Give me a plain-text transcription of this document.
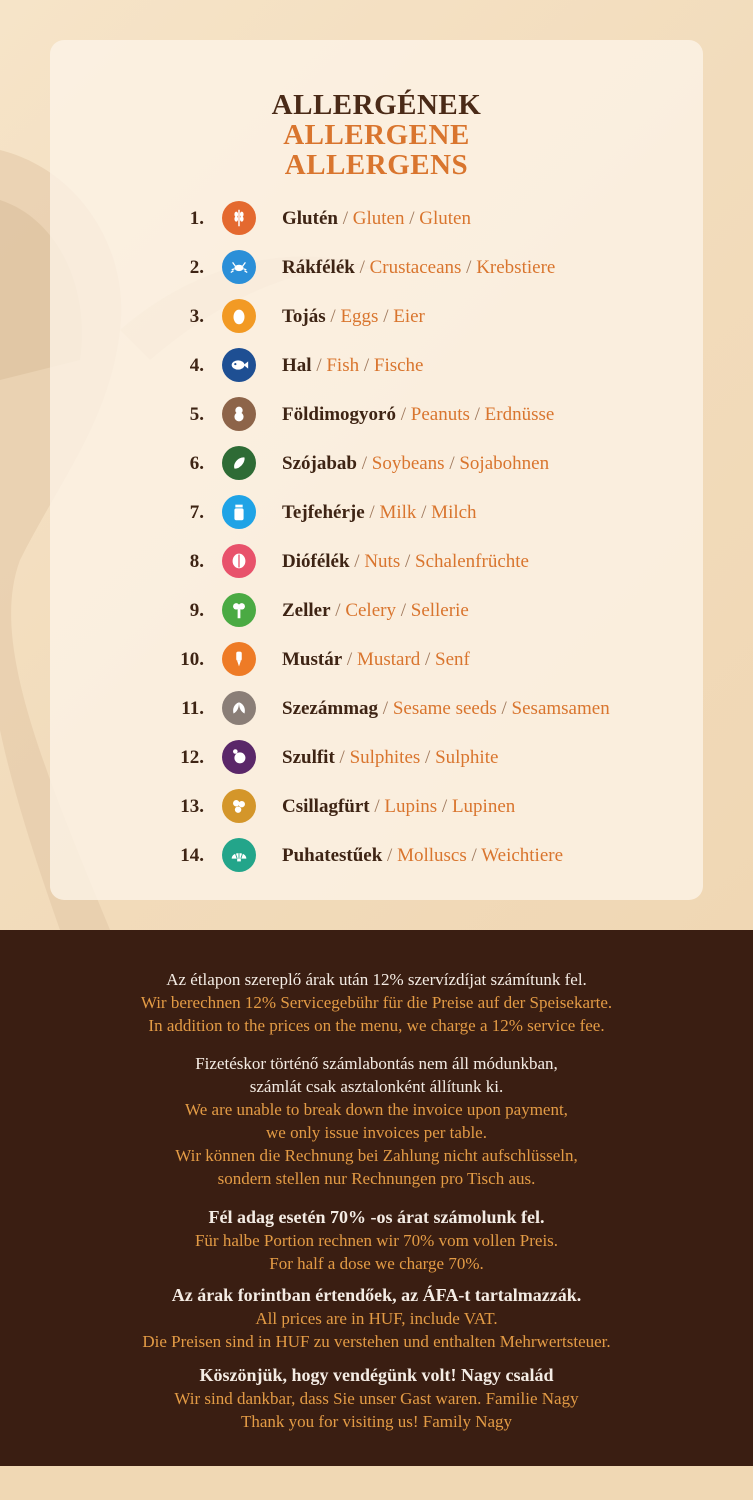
ALLERGÉNEK
ALLERGENE
ALLERGENS
1.	Glutén / Gluten / Gluten
2.	Rákfélék / Crustaceans / Krebstiere
3.	Tojás / Eggs / Eier
4.	Hal / Fish / Fische
5.	Földimogyoró / Peanuts / Erdnüsse
6.	Szójabab / Soybeans / Sojabohnen
7.	Tejfehérje / Milk / Milch
8.	Diófélék / Nuts / Schalenfrüchte
9.	Zeller / Celery / Sellerie
10.	Mustár / Mustard / Senf
11.	Szezámmag / Sesame seeds / Sesamsamen
12.	Szulfit / Sulphites / Sulphite
13.	Csillagfürt / Lupins / Lupinen
14.	Puhatestűek / Molluscs / Weichtiere
Az étlapon szereplő árak után 12% szervízdíjat számítunk fel.
Wir berechnen 12% Servicegebühr für die Preise auf der Speisekarte.
In addition to the prices on the menu, we charge a 12% service fee.
Fizetéskor történő számlabontás nem áll módunkban,
számlát csak asztalonként állítunk ki.
We are unable to break down the invoice upon payment,
we only issue invoices per table.
Wir können die Rechnung bei Zahlung nicht aufschlüsseln,
sondern stellen nur Rechnungen pro Tisch aus.
Fél adag esetén 70% -os árat számolunk fel.
Für halbe Portion rechnen wir 70% vom vollen Preis.
For half a dose we charge 70%.
Az árak forintban értendőek, az ÁFA-t tartalmazzák.
All prices are in HUF, include VAT.
Die Preisen sind in HUF zu verstehen und enthalten Mehrwertsteuer.
Köszönjük, hogy vendégünk volt! Nagy család
Wir sind dankbar, dass Sie unser Gast waren. Familie Nagy
Thank you for visiting us! Family Nagy
